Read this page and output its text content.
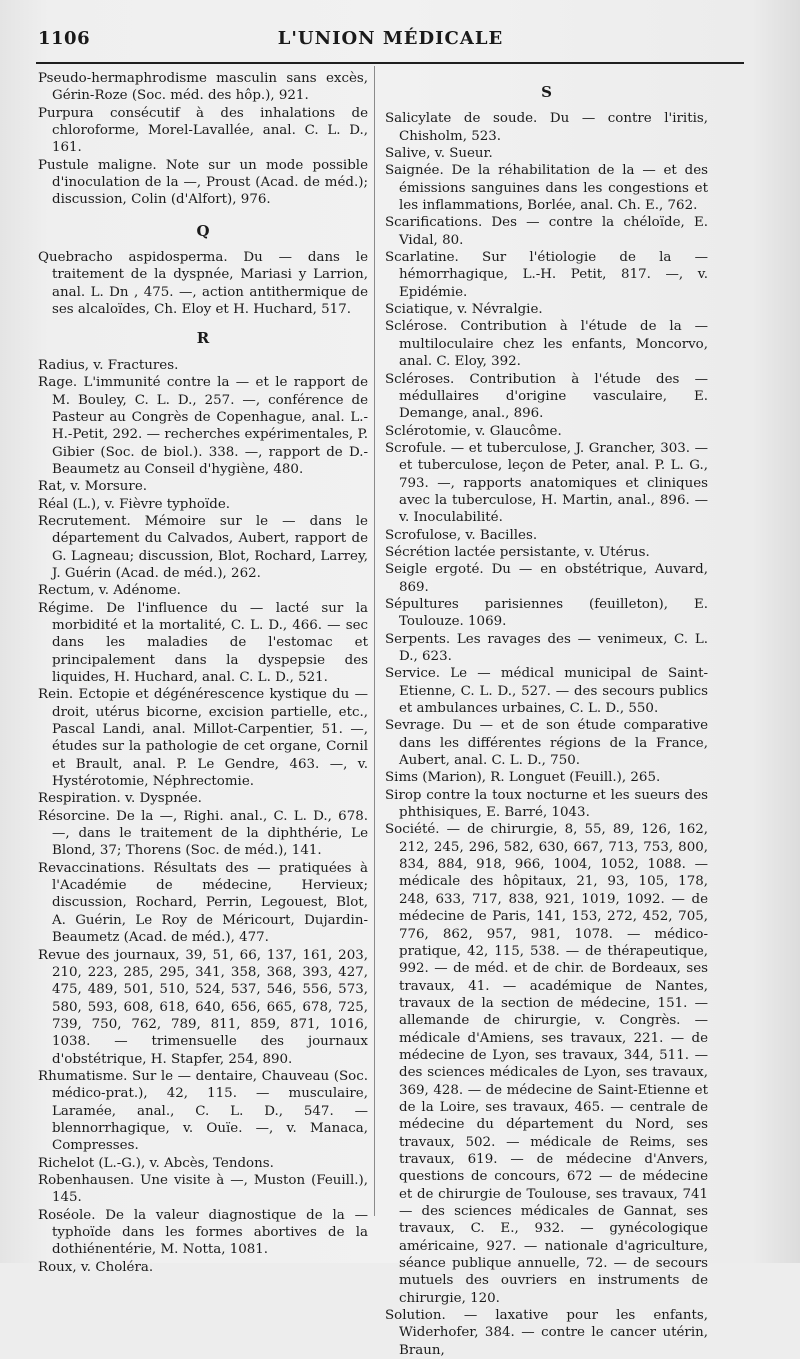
1106	L'UNION MÉDICALE

Pseudo-hermaphrodisme masculin sans excès, Gérin-Roze (Soc. méd. des hôp.), 921.

Purpura consécutif à des inhalations de chloroforme, Morel-Lavallée, anal. C. L. D., 161.

Pustule maligne. Note sur un mode possible d'inoculation de la —, Proust (Acad. de méd.); discussion, Colin (d'Alfort), 976.

Q

Quebracho aspidosperma. Du — dans le traitement de la dyspnée, Mariasi y Larrion, anal. L. Dn , 475. —, action antithermique de ses alcaloïdes, Ch. Eloy et H. Huchard, 517.

R

Radius, v. Fractures.

Rage. L'immunité contre la — et le rapport de M. Bouley, C. L. D., 257. —, conférence de Pasteur au Congrès de Copenhague, anal. L.-H.-Petit, 292. — recherches expérimentales, P. Gibier (Soc. de biol.). 338. —, rapport de D.-Beaumetz au Conseil d'hygiène, 480.

Rat, v. Morsure.

Réal (L.), v. Fièvre typhoïde.

Recrutement. Mémoire sur le — dans le département du Calvados, Aubert, rapport de G. Lagneau; discussion, Blot, Rochard, Larrey, J. Guérin (Acad. de méd.), 262.

Rectum, v. Adénome.

Régime. De l'influence du — lacté sur la morbidité et la mortalité, C. L. D., 466. — sec dans les maladies de l'estomac et principalement dans la dyspepsie des liquides, H. Huchard, anal. C. L. D., 521.

Rein. Ectopie et dégénérescence kystique du — droit, utérus bicorne, excision partielle, etc., Pascal Landi, anal. Millot-Carpentier, 51. —, études sur la pathologie de cet organe, Cornil et Brault, anal. P. Le Gendre, 463. —, v. Hystérotomie, Néphrectomie.

Respiration. v. Dyspnée.

Résorcine. De la —, Righi. anal., C. L. D., 678. —, dans le traitement de la diphthérie, Le Blond, 37; Thorens (Soc. de méd.), 141.

Revaccinations. Résultats des — pratiquées à l'Académie de médecine, Hervieux; discussion, Rochard, Perrin, Legouest, Blot, A. Guérin, Le Roy de Méricourt, Dujardin-Beaumetz (Acad. de méd.), 477.

Revue des journaux, 39, 51, 66, 137, 161, 203, 210, 223, 285, 295, 341, 358, 368, 393, 427, 475, 489, 501, 510, 524, 537, 546, 556, 573, 580, 593, 608, 618, 640, 656, 665, 678, 725, 739, 750, 762, 789, 811, 859, 871, 1016, 1038. — trimensuelle des journaux d'obstétrique, H. Stapfer, 254, 890.

Rhumatisme. Sur le — dentaire, Chauveau (Soc. médico-prat.), 42, 115. — musculaire, Laramée, anal., C. L. D., 547. — blennorrhagique, v. Ouïe. —, v. Manaca, Compresses.

Richelot (L.-G.), v. Abcès, Tendons.

Robenhausen. Une visite à —, Muston (Feuill.), 145.

Roséole. De la valeur diagnostique de la — typhoïde dans les formes abortives de la dothiénentérie, M. Notta, 1081.

Roux, v. Choléra.

S

Salicylate de soude. Du — contre l'iritis, Chisholm, 523.

Salive, v. Sueur.

Saignée. De la réhabilitation de la — et des émissions sanguines dans les congestions et les inflammations, Borlée, anal. Ch. E., 762.

Scarifications. Des — contre la chéloïde, E. Vidal, 80.

Scarlatine. Sur l'étiologie de la — hémorrhagique, L.-H. Petit, 817. —, v. Epidémie.

Sciatique, v. Névralgie.

Sclérose. Contribution à l'étude de la — multiloculaire chez les enfants, Moncorvo, anal. C. Eloy, 392.

Scléroses. Contribution à l'étude des — médullaires d'origine vasculaire, E. Demange, anal., 896.

Sclérotomie, v. Glaucôme.

Scrofule. — et tuberculose, J. Grancher, 303. — et tuberculose, leçon de Peter, anal. P. L. G., 793. —, rapports anatomiques et cliniques avec la tuberculose, H. Martin, anal., 896. — v. Inoculabilité.

Scrofulose, v. Bacilles.

Sécrétion lactée persistante, v. Utérus.

Seigle ergoté. Du — en obstétrique, Auvard, 869.

Sépultures parisiennes (feuilleton), E. Toulouze. 1069.

Serpents. Les ravages des — venimeux, C. L. D., 623.

Service. Le — médical municipal de Saint-Etienne, C. L. D., 527. — des secours publics et ambulances urbaines, C. L. D., 550.

Sevrage. Du — et de son étude comparative dans les différentes régions de la France, Aubert, anal. C. L. D., 750.

Sims (Marion), R. Longuet (Feuill.), 265.

Sirop contre la toux nocturne et les sueurs des phthisiques, E. Barré, 1043.

Société. — de chirurgie, 8, 55, 89, 126, 162, 212, 245, 296, 582, 630, 667, 713, 753, 800, 834, 884, 918, 966, 1004, 1052, 1088. — médicale des hôpitaux, 21, 93, 105, 178, 248, 633, 717, 838, 921, 1019, 1092. — de médecine de Paris, 141, 153, 272, 452, 705, 776, 862, 957, 981, 1078. — médico-pratique, 42, 115, 538. — de thérapeutique, 992. — de méd. et de chir. de Bordeaux, ses travaux, 41. — académique de Nantes, travaux de la section de médecine, 151. — allemande de chirurgie, v. Congrès. — médicale d'Amiens, ses travaux, 221. — de médecine de Lyon, ses travaux, 344, 511. — des sciences médicales de Lyon, ses travaux, 369, 428. — de médecine de Saint-Etienne et de la Loire, ses travaux, 465. — centrale de médecine du département du Nord, ses travaux, 502. — médicale de Reims, ses travaux, 619. — de médecine d'Anvers, questions de concours, 672 — de médecine et de chirurgie de Toulouse, ses travaux, 741 — des sciences médicales de Gannat, ses travaux, C. E., 932. — gynécologique américaine, 927. — nationale d'agriculture, séance publique annuelle, 72. — de secours mutuels des ouvriers en instruments de chirurgie, 120.

Solution. — laxative pour les enfants, Widerhofer, 384. — contre le cancer utérin, Braun,
